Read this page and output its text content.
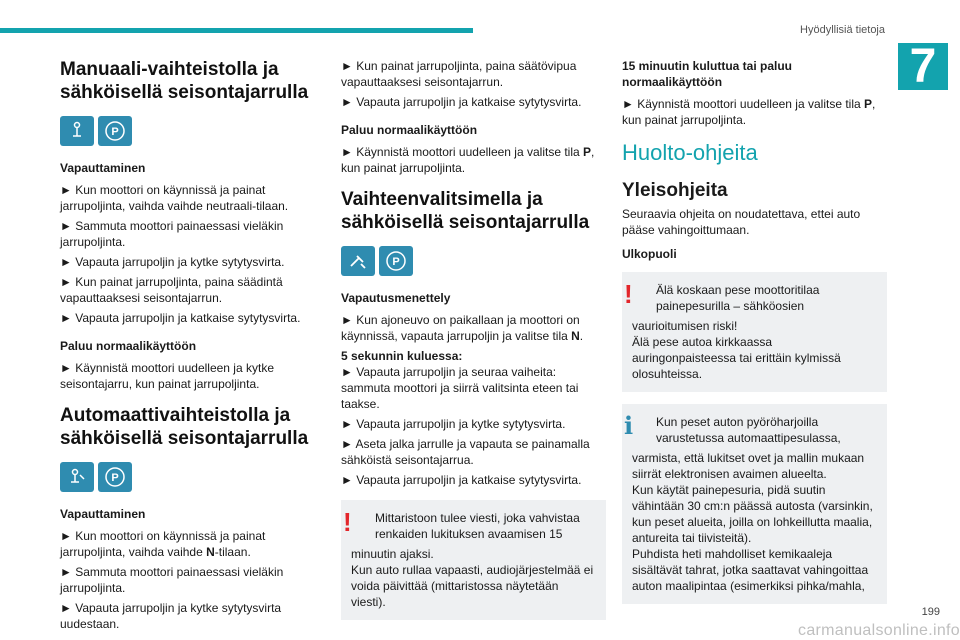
Hyödyllisiä tietoja
7
Manuaali-vaihteistolla ja sähköisellä seisontajarrulla
P
Vapauttaminen
► Kun moottori on käynnissä ja painat jarrupoljinta, vaihda vaihde neutraali-tilaan.
► Sammuta moottori painaessasi vieläkin jarrupoljinta.
► Vapauta jarrupoljin ja kytke sytytysvirta.
► Kun painat jarrupoljinta, paina säädintä vapauttaaksesi seisontajarrun.
► Vapauta jarrupoljin ja katkaise sytytysvirta.
Paluu normaalikäyttöön
► Käynnistä moottori uudelleen ja kytke seisontajarru, kun painat jarrupoljinta.
Automaattivaihteistolla ja sähköisellä seisontajarrulla
P
Vapauttaminen
► Kun moottori on käynnissä ja painat jarrupoljinta, vaihda vaihde N-tilaan.
► Sammuta moottori painaessasi vieläkin jarrupoljinta.
► Vapauta jarrupoljin ja kytke sytytysvirta uudestaan.
► Kun painat jarrupoljinta, paina säätövipua vapauttaaksesi seisontajarrun.
► Vapauta jarrupoljin ja katkaise sytytysvirta.
Paluu normaalikäyttöön
► Käynnistä moottori uudelleen ja valitse tila P, kun painat jarrupoljinta.
Vaihteenvalitsimella ja sähköisellä seisontajarrulla
P
Vapautusmenettely
► Kun ajoneuvo on paikallaan ja moottori on käynnissä, vapauta jarrupoljin ja valitse tila N.
5 sekunnin kuluessa:
► Vapauta jarrupoljin ja seuraa vaiheita: sammuta moottori ja siirrä valitsinta eteen tai taakse.
► Vapauta jarrupoljin ja kytke sytytysvirta.
► Aseta jalka jarrulle ja vapauta se painamalla sähköistä seisontajarrua.
► Vapauta jarrupoljin ja katkaise sytytysvirta.
!	Mittaristoon tulee viesti, joka vahvistaa renkaiden lukituksen avaamisen 15
minuutin ajaksi.
Kun auto rullaa vapaasti, audiojärjestelmää ei voida päivittää (mittaristossa näytetään viesti).
15 minuutin kuluttua tai paluu normaalikäyttöön
► Käynnistä moottori uudelleen ja valitse tila P, kun painat jarrupoljinta.
Huolto-ohjeita
Yleisohjeita
Seuraavia ohjeita on noudatettava, ettei auto pääse vahingoittumaan.
Ulkopuoli
!	Älä koskaan pese moottoritilaa painepesurilla – sähköosien
vaurioitumisen riski!
Älä pese autoa kirkkaassa auringonpaisteessa tai erittäin kylmissä olosuhteissa.
i	Kun peset auton pyöröharjoilla varustetussa automaattipesulassa,
varmista, että lukitset ovet ja mallin mukaan siirrät elektronisen avaimen alueelta.
Kun käytät painepesuria, pidä suutin vähintään 30 cm:n päässä autosta (varsinkin, kun peset alueita, joilla on lohkeillutta maalia, antureita tai tiivisteitä).
Puhdista heti mahdolliset kemikaaleja sisältävät tahrat, jotka saattavat vahingoittaa auton maalipintaa (esimerkiksi pihka/mahla,
199
carmanualsonline.info
